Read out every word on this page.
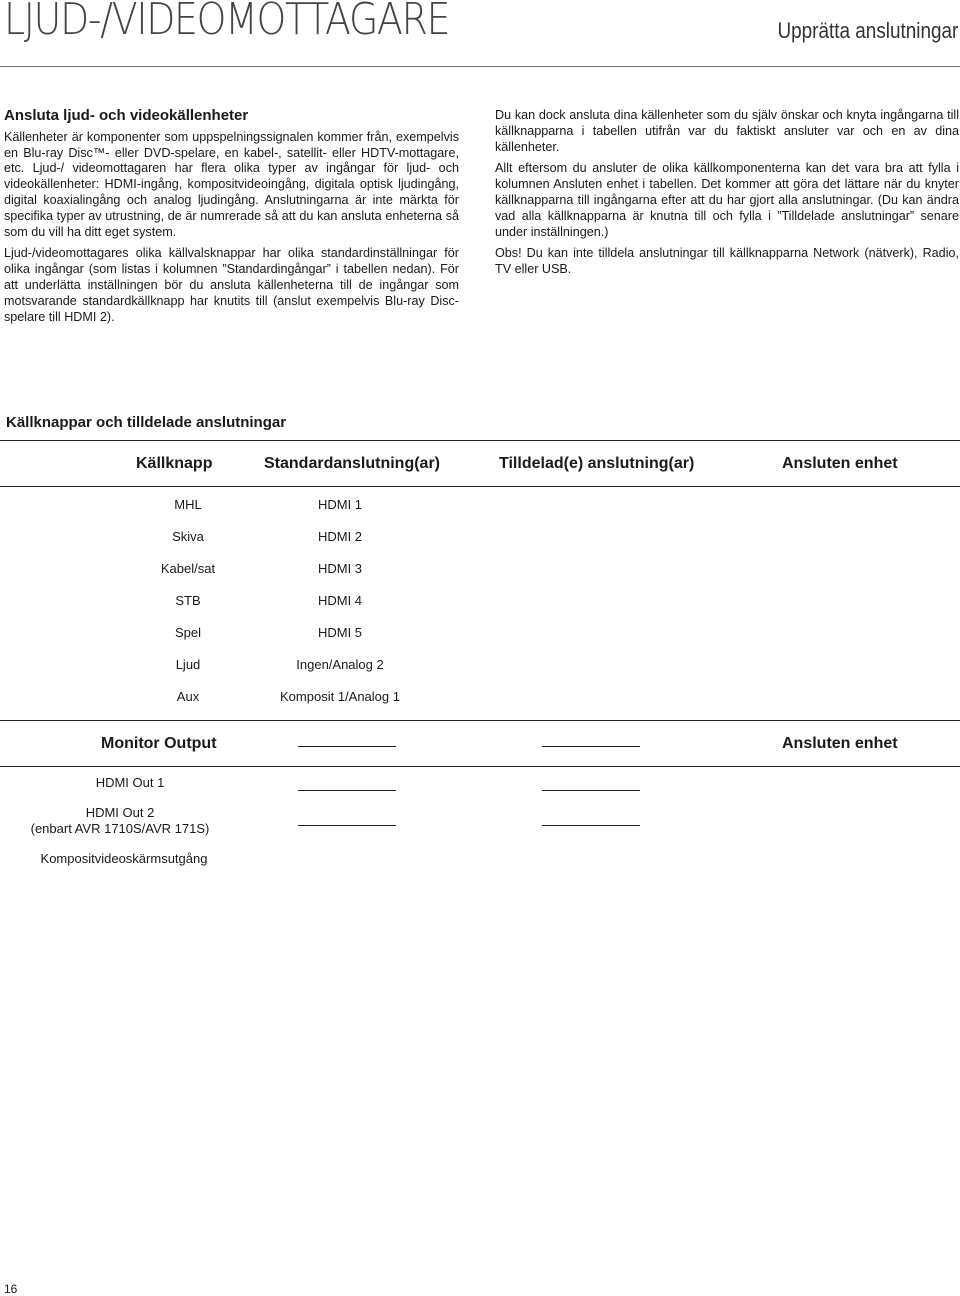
LJUD-/VIDEOMOTTAGARE	Upprätta anslutningar
Ansluta ljud- och videokällenheter

Källenheter är komponenter som uppspelningssignalen kommer från, exempelvis en Blu-ray Disc™- eller DVD-spelare, en kabel-, satellit- eller HDTV-mottagare, etc. Ljud-/ videomottagaren har flera olika typer av ingångar för ljud- och videokällenheter: HDMI-ingång, kompositvideoingång, digitala optisk ljudingång, digital koaxialingång och analog ljudingång. Anslutningarna är inte märkta för specifika typer av utrustning, de är numrerade så att du kan ansluta enheterna så som du vill ha ditt eget system.

Ljud-/videomottagares olika källvalsknappar har olika standardinställningar för olika ingångar (som listas i kolumnen ”Standardingångar” i tabellen nedan). För att underlätta inställningen bör du ansluta källenheterna till de ingångar som motsvarande standardkällknapp har knutits till (anslut exempelvis Blu-ray Disc-spelare till HDMI 2).

Du kan dock ansluta dina källenheter som du själv önskar och knyta ingångarna till källknapparna i tabellen utifrån var du faktiskt ansluter var och en av dina källenheter.

Allt eftersom du ansluter de olika källkomponenterna kan det vara bra att fylla i kolumnen Ansluten enhet i tabellen. Det kommer att göra det lättare när du knyter källknapparna till ingångarna efter att du har gjort alla anslutningar. (Du kan ändra vad alla källknapparna är knutna till och fylla i ”Tilldelade anslutningar” senare under inställningen.)

Obs! Du kan inte tilldela anslutningar till källknapparna Network (nätverk), Radio, TV eller USB.

Källknappar och tilldelade anslutningar
Källknapp	Standardanslutning(ar)	Tilldelad(e) anslutning(ar)	Ansluten enhet
MHL	HDMI 1
Skiva	HDMI 2
Kabel/sat	HDMI 3
STB	HDMI 4
Spel	HDMI 5
Ljud	Ingen/Analog 2
Aux	Komposit 1/Analog 1
Monitor Output	Ansluten enhet
HDMI Out 1
HDMI Out 2
(enbart AVR 1710S/AVR 171S)
Kompositvideoskärmsutgång
16
